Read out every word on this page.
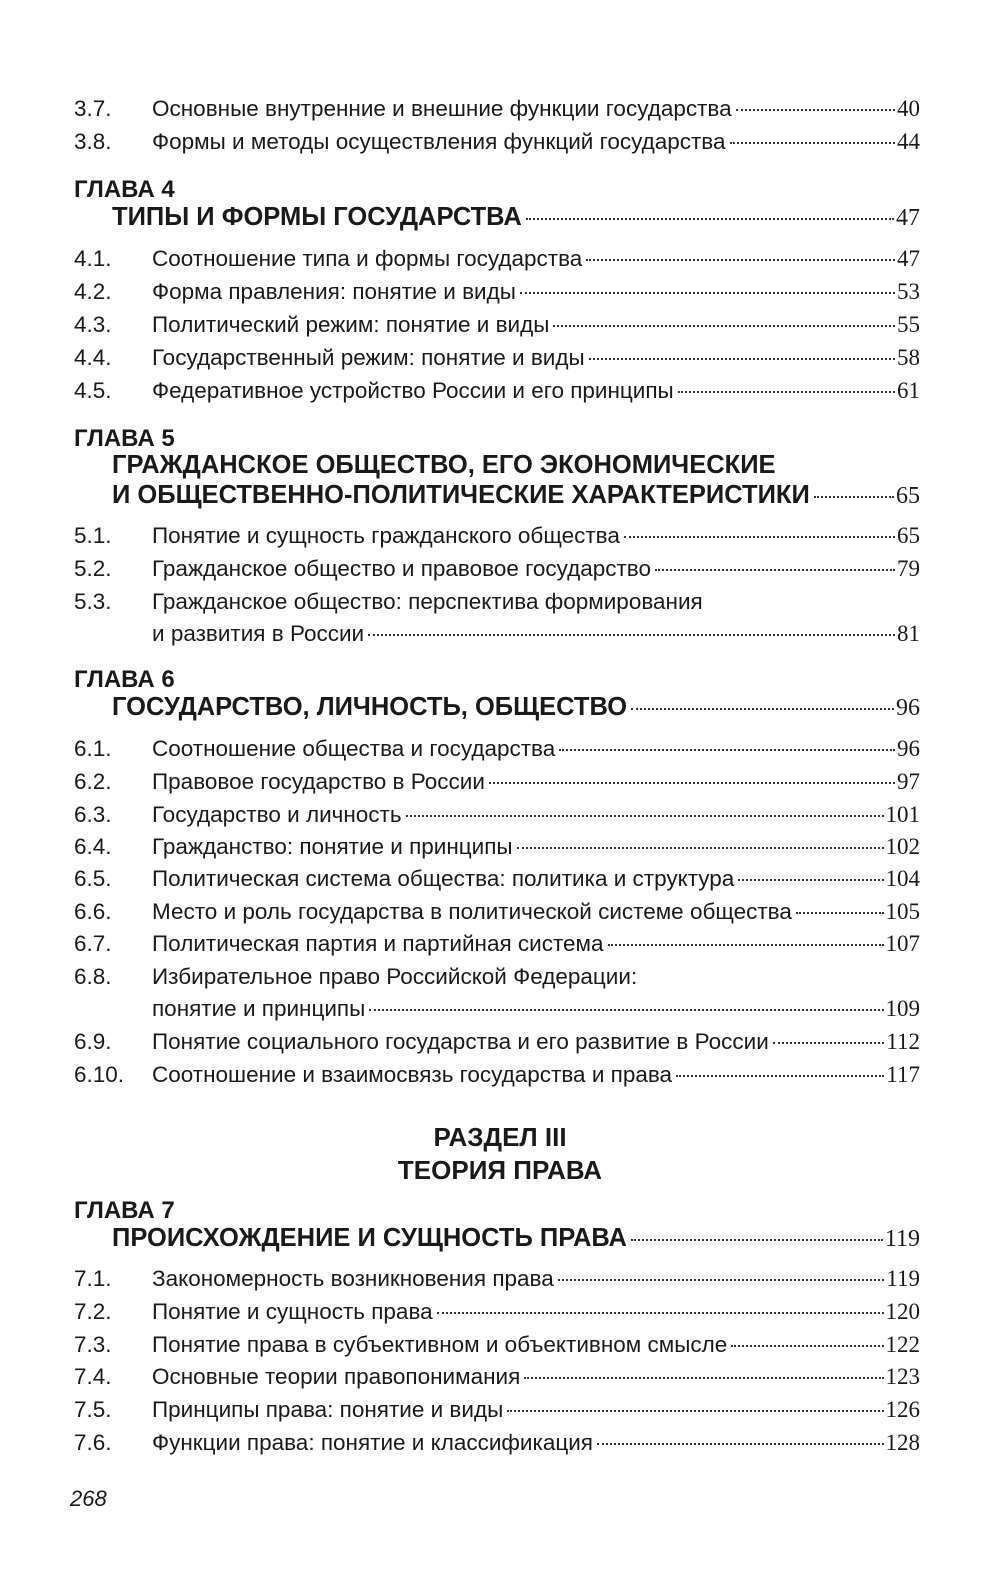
3.7.	Основные внутренние и внешние функции государства	40
3.8.	Формы и методы осуществления функций государства	44
ГЛАВА 4
ТИПЫ И ФОРМЫ ГОСУДАРСТВА	47
4.1.	Соотношение типа и формы государства	47
4.2.	Форма правления: понятие и виды	53
4.3.	Политический режим: понятие и виды	55
4.4.	Государственный режим: понятие и виды	58
4.5.	Федеративное устройство России и его принципы	61
ГЛАВА 5
ГРАЖДАНСКОЕ ОБЩЕСТВО, ЕГО ЭКОНОМИЧЕСКИЕ
И ОБЩЕСТВЕННО-ПОЛИТИЧЕСКИЕ ХАРАКТЕРИСТИКИ	65
5.1.	Понятие и сущность гражданского общества	65
5.2.	Гражданское общество и правовое государство	79
5.3.	Гражданское общество: перспектива формирования
и развития в России	81
ГЛАВА 6
ГОСУДАРСТВО, ЛИЧНОСТЬ, ОБЩЕСТВО	96
6.1.	Соотношение общества и государства	96
6.2.	Правовое государство в России	97
6.3.	Государство и личность	101
6.4.	Гражданство: понятие и принципы	102
6.5.	Политическая система общества: политика и структура	104
6.6.	Место и роль государства в политической системе общества	105
6.7.	Политическая партия и партийная система	107
6.8.	Избирательное право Российской Федерации:
понятие и принципы	109
6.9.	Понятие социального государства и его развитие в России	112
6.10.	Соотношение и взаимосвязь государства и права	117
РАЗДЕЛ III
ТЕОРИЯ ПРАВА
ГЛАВА 7
ПРОИСХОЖДЕНИЕ И СУЩНОСТЬ ПРАВА	119
7.1.	Закономерность возникновения права	119
7.2.	Понятие и сущность права	120
7.3.	Понятие права в субъективном и объективном смысле	122
7.4.	Основные теории правопонимания	123
7.5.	Принципы права: понятие и виды	126
7.6.	Функции права: понятие и классификация	128
268
